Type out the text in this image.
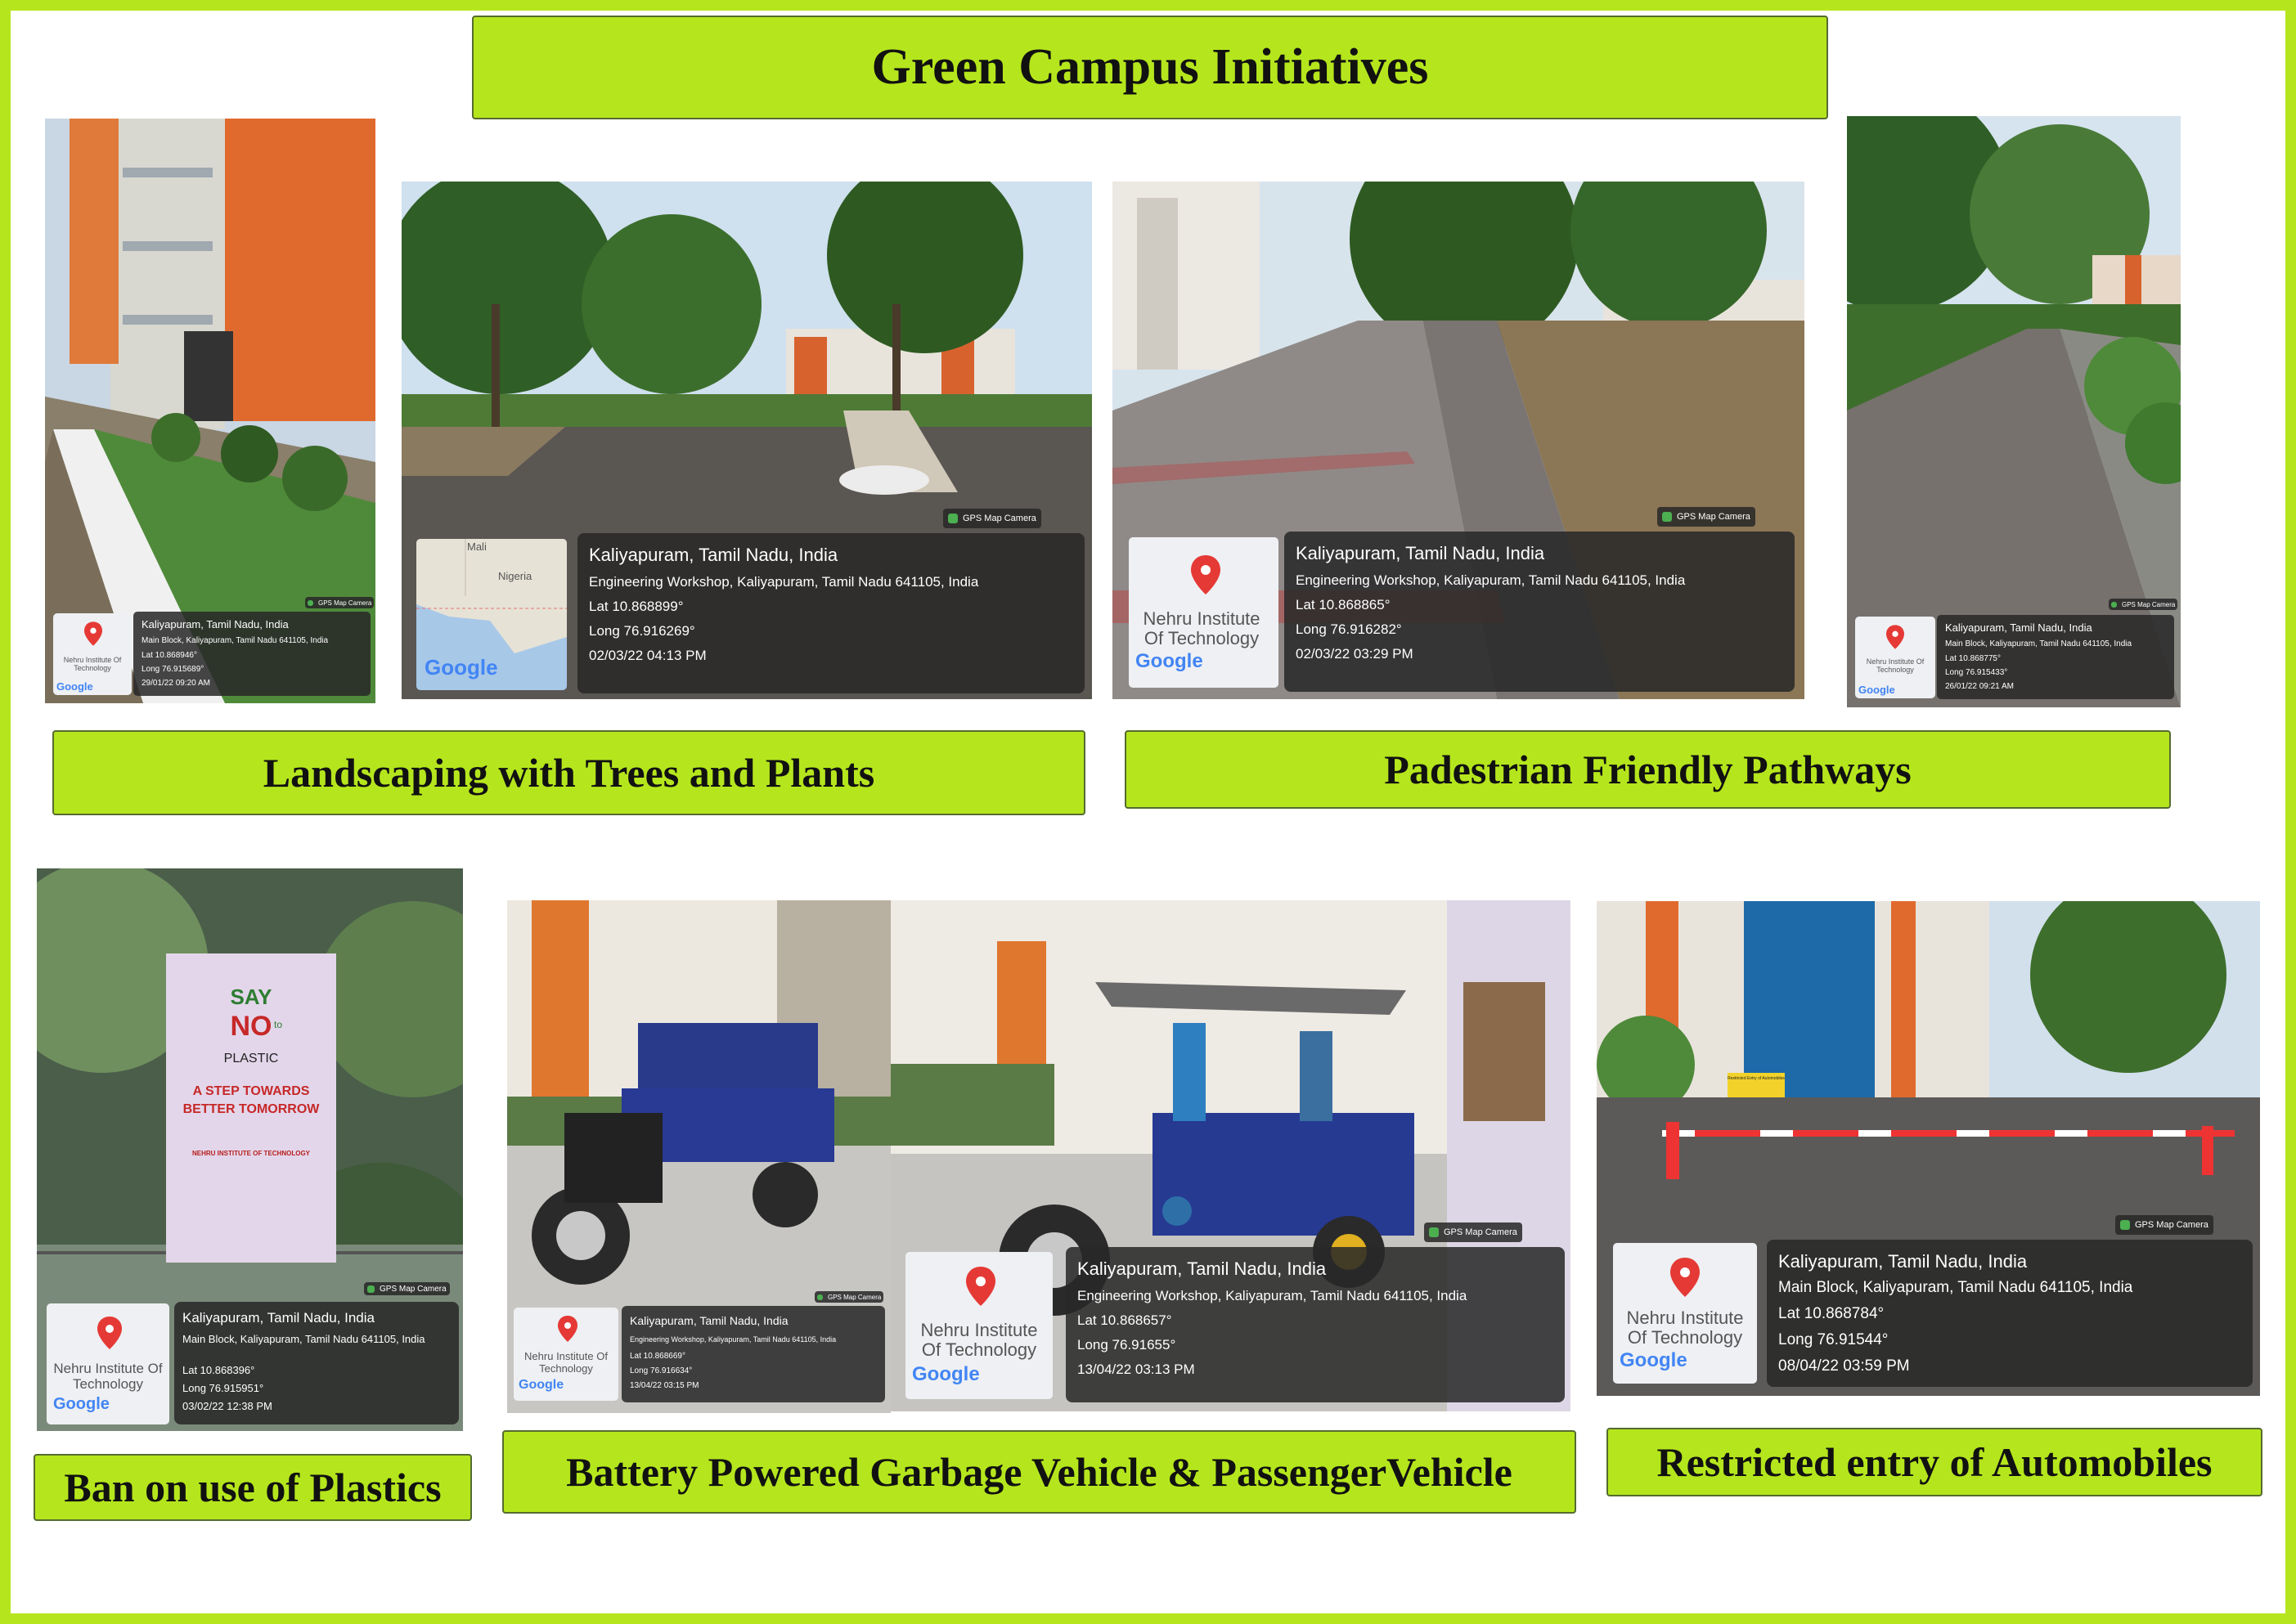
Green Campus Initiatives
GPS Map Camera
Kaliyapuram, Tamil Nadu, India
Main Block, Kaliyapuram, Tamil Nadu 641105, India
Lat 10.868946°
Long 76.915689°
29/01/22 09:20 AM
Nehru Institute Of Technology
Google
GPS Map Camera
Kaliyapuram, Tamil Nadu, India
Engineering Workshop, Kaliyapuram, Tamil Nadu 641105, India
Lat 10.868899°
Long 76.916269°
02/03/22 04:13 PM
Mali
Nigeria
Google
GPS Map Camera
Kaliyapuram, Tamil Nadu, India
Engineering Workshop, Kaliyapuram, Tamil Nadu 641105, India
Lat 10.868865°
Long 76.916282°
02/03/22 03:29 PM
Nehru Institute Of Technology
Google
GPS Map Camera
Kaliyapuram, Tamil Nadu, India
Main Block, Kaliyapuram, Tamil Nadu 641105, India
Lat 10.868775°
Long 76.915433°
26/01/22 09:21 AM
Nehru Institute Of Technology
Google
Landscaping with Trees and Plants	Padestrian Friendly Pathways
SAY
NO to
PLASTIC
A STEP TOWARDS
BETTER TOMORROW
NEHRU INSTITUTE OF TECHNOLOGY
GPS Map Camera
Kaliyapuram, Tamil Nadu, India
Main Block, Kaliyapuram, Tamil Nadu 641105, India
Lat 10.868396°
Long 76.915951°
03/02/22 12:38 PM
Nehru Institute Of Technology
Google
GPS Map Camera
Kaliyapuram, Tamil Nadu, India
Engineering Workshop, Kaliyapuram, Tamil Nadu 641105, India
Lat 10.868669°
Long 76.916634°
13/04/22 03:15 PM
Nehru Institute Of Technology
Google
GPS Map Camera
Kaliyapuram, Tamil Nadu, India
Engineering Workshop, Kaliyapuram, Tamil Nadu 641105, India
Lat 10.868657°
Long 76.91655°
13/04/22 03:13 PM
Nehru Institute Of Technology
Google
Restricted Entry of Automobiles
GPS Map Camera
Kaliyapuram, Tamil Nadu, India
Main Block, Kaliyapuram, Tamil Nadu 641105, India
Lat 10.868784°
Long 76.91544°
08/04/22 03:59 PM
Nehru Institute Of Technology
Google
Ban on use of Plastics	Battery Powered Garbage Vehicle & PassengerVehicle	Restricted entry of Automobiles
